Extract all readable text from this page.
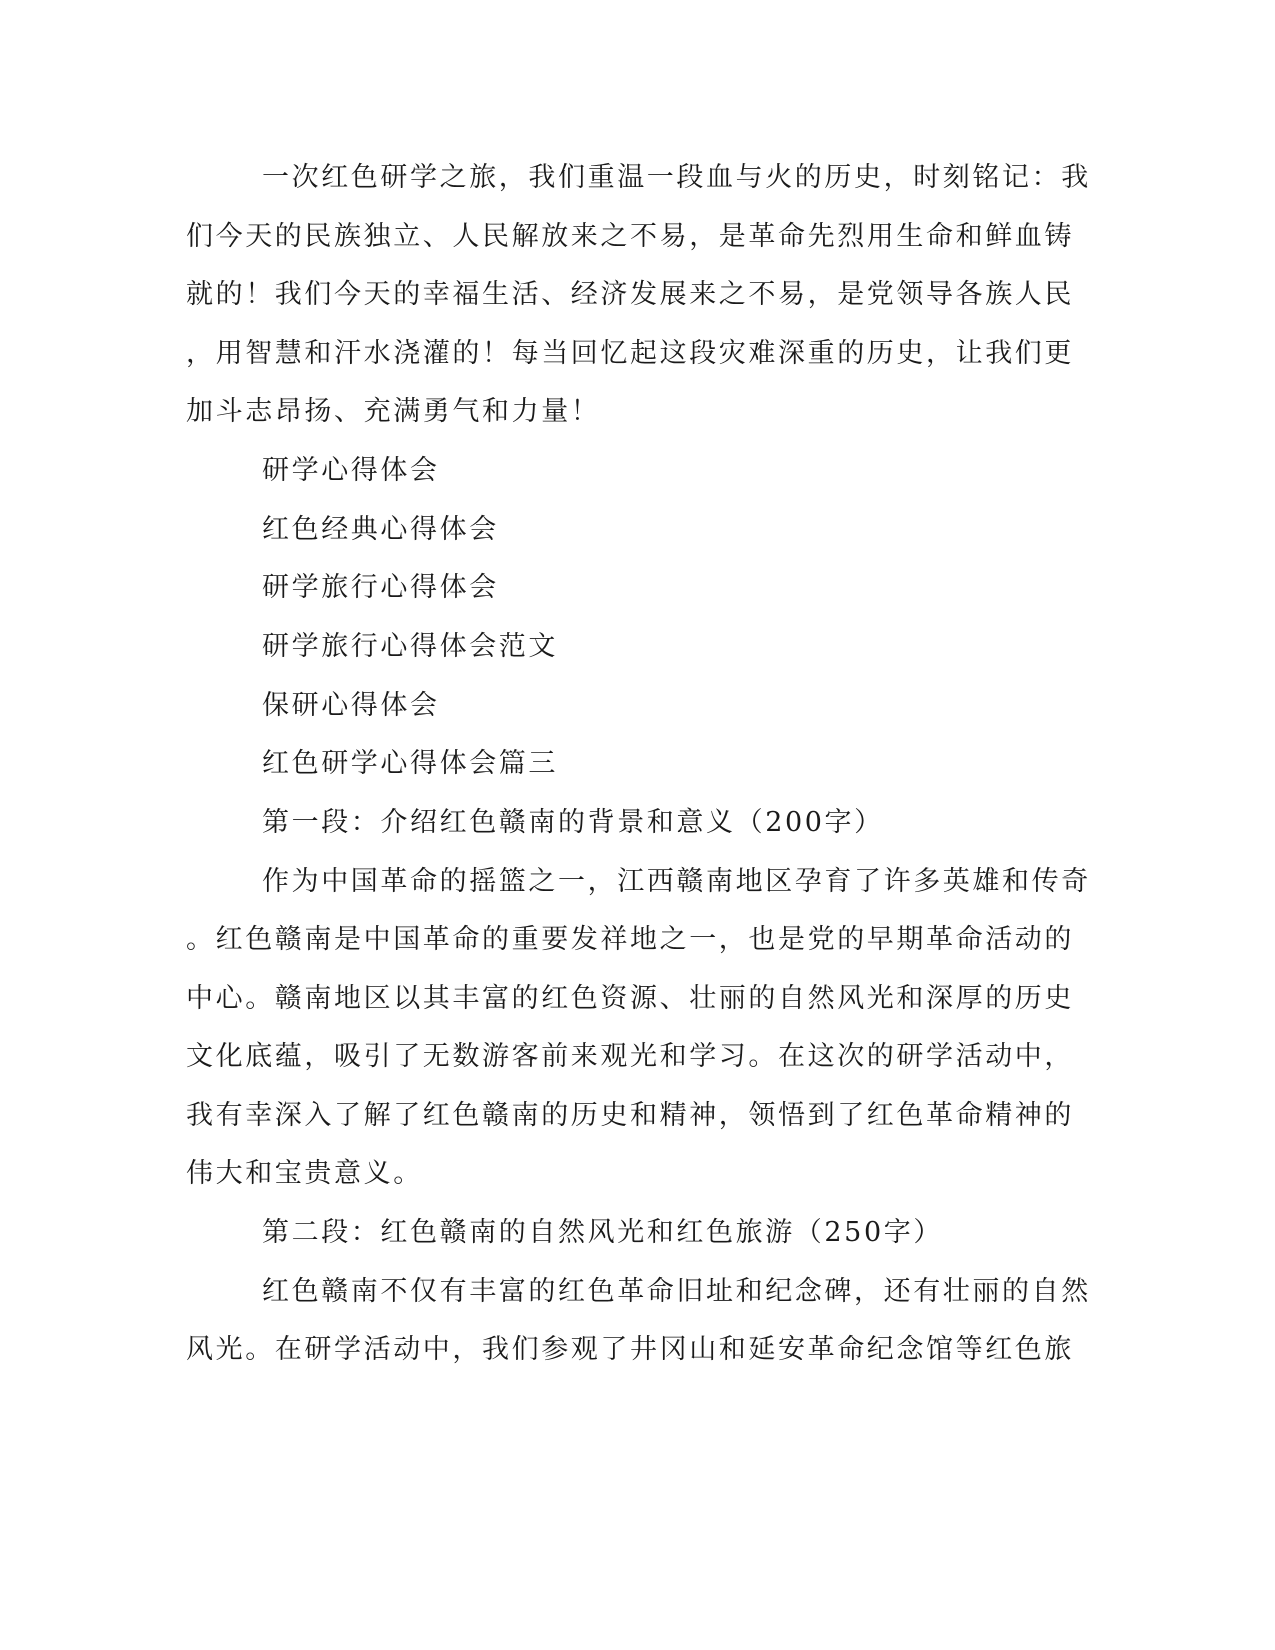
一次红色研学之旅，我们重温一段血与火的历史，时刻铭记：我
们今天的民族独立、人民解放来之不易，是革命先烈用生命和鲜血铸
就的！我们今天的幸福生活、经济发展来之不易，是党领导各族人民
，用智慧和汗水浇灌的！每当回忆起这段灾难深重的历史，让我们更
加斗志昂扬、充满勇气和力量！
研学心得体会
红色经典心得体会
研学旅行心得体会
研学旅行心得体会范文
保研心得体会
红色研学心得体会篇三
第一段：介绍红色赣南的背景和意义（200字）
作为中国革命的摇篮之一，江西赣南地区孕育了许多英雄和传奇
。红色赣南是中国革命的重要发祥地之一，也是党的早期革命活动的
中心。赣南地区以其丰富的红色资源、壮丽的自然风光和深厚的历史
文化底蕴，吸引了无数游客前来观光和学习。在这次的研学活动中，
我有幸深入了解了红色赣南的历史和精神，领悟到了红色革命精神的
伟大和宝贵意义。
第二段：红色赣南的自然风光和红色旅游（250字）
红色赣南不仅有丰富的红色革命旧址和纪念碑，还有壮丽的自然
风光。在研学活动中，我们参观了井冈山和延安革命纪念馆等红色旅
